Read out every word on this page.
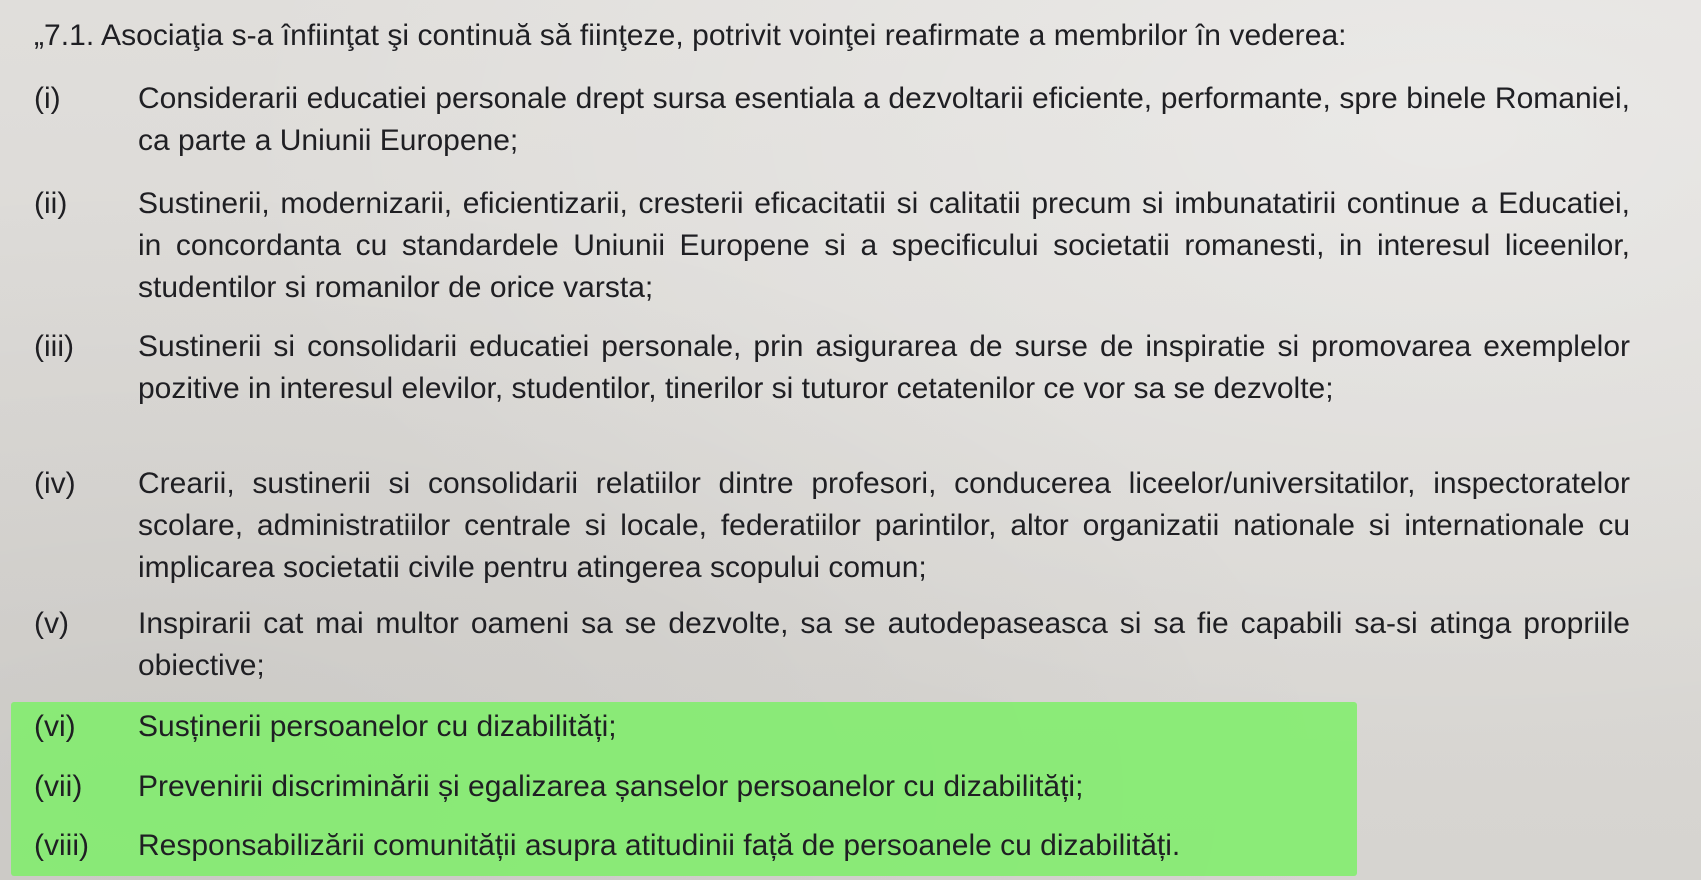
„7.1. Asociaţia s-a înfiinţat şi continuă să fiinţeze, potrivit voinţei reafirmate a membrilor în vederea:
(i)	Considerarii educatiei personale drept sursa esentiala a dezvoltarii eficiente, performante, spre binele Romaniei, ca parte a Uniunii Europene;
(ii) Sustinerii, modernizarii, eficientizarii, cresterii eficacitatii si calitatii precum si imbunatatirii continue a Educatiei, in concordanta cu standardele Uniunii Europene si a specificului societatii romanesti, in interesul liceenilor, studentilor si romanilor de orice varsta;
(iii) Sustinerii si consolidarii educatiei personale, prin asigurarea de surse de inspiratie si promovarea exemplelor pozitive in interesul elevilor, studentilor, tinerilor si tuturor cetatenilor ce vor sa se dezvolte;
(iv) Crearii, sustinerii si consolidarii relatiilor dintre profesori, conducerea liceelor/universitatilor, inspectoratelor scolare, administratiilor centrale si locale, federatiilor parintilor, altor organizatii nationale si internationale cu implicarea societatii civile pentru atingerea scopului comun;
(v) Inspirarii cat mai multor oameni sa se dezvolte, sa se autodepaseasca si sa fie capabili sa-si atinga propriile obiective;
(vi) Susținerii persoanelor cu dizabilități;
(vii) Prevenirii discriminării și egalizarea șanselor persoanelor cu dizabilități;
(viii) Responsabilizării comunității asupra atitudinii față de persoanele cu dizabilități.
